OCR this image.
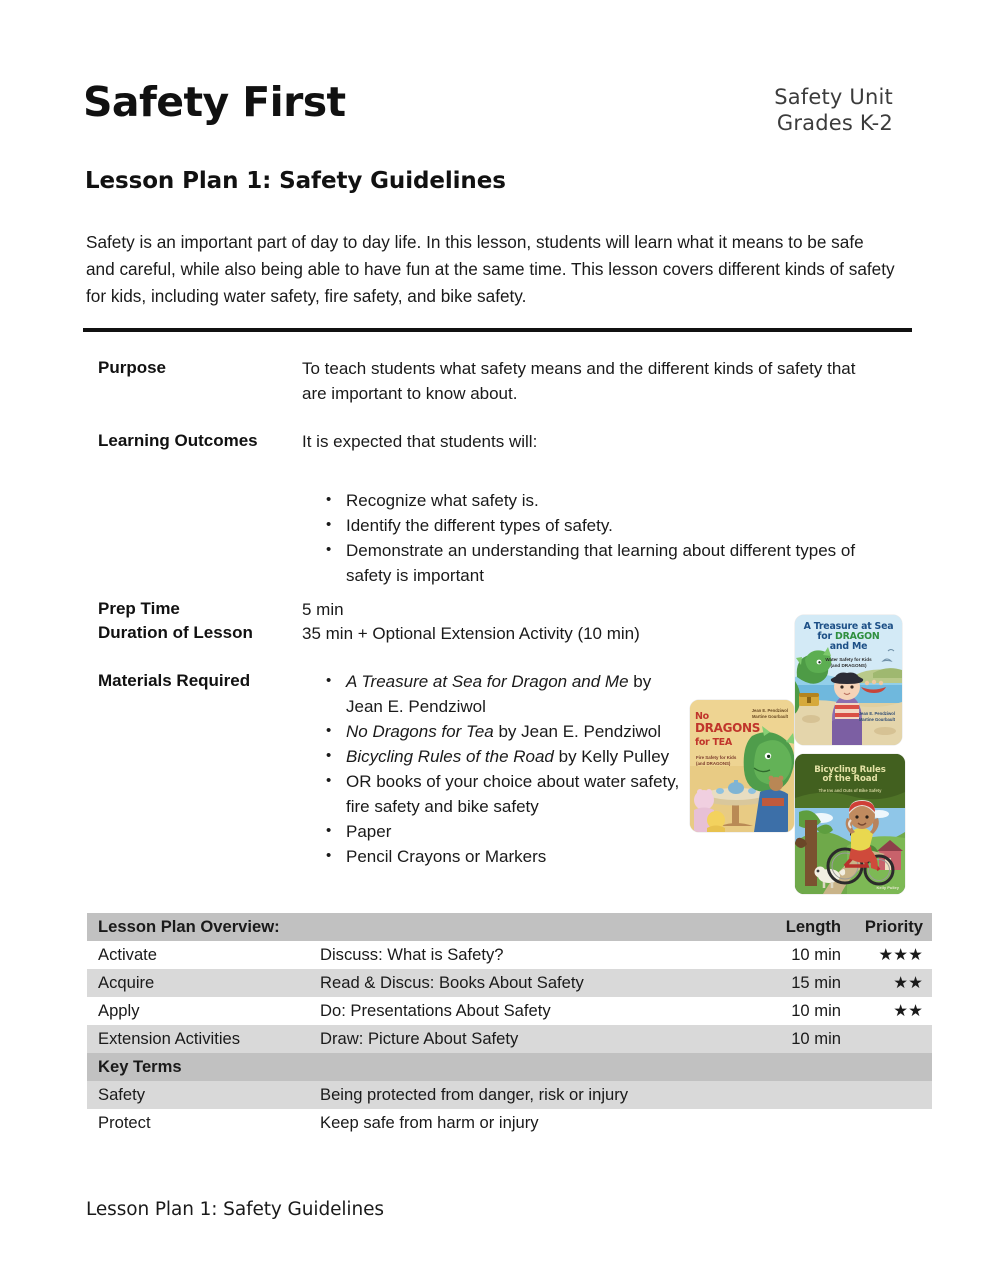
Safety First	Safety Unit
Grades K-2
Lesson Plan 1: Safety Guidelines
Safety is an important part of day to day life. In this lesson, students will learn what it means to be safe and careful, while also being able to have fun at the same time. This lesson covers different kinds of safety for kids, including water safety, fire safety, and bike safety.
Purpose	To teach students what safety means and the different kinds of safety that are important to know about.
Learning Outcomes	It is expected that students will:
• Recognize what safety is.
• Identify the different types of safety.
• Demonstrate an understanding that learning about different types of safety is important
Prep Time	5 min
Duration of Lesson	35 min + Optional Extension Activity (10 min)
Materials Required	• A Treasure at Sea for Dragon and Me by Jean E. Pendziwol
• No Dragons for Tea by Jean E. Pendziwol
• Bicycling Rules of the Road by Kelly Pulley
• OR books of your choice about water safety, fire safety and bike safety
• Paper
• Pencil Crayons or Markers
A Treasure at Sea
for DRAGON
and Me
Water Safety for Kids
(and DRAGONS)
Jean E. Pendziwol
Martine Gourbault
No
DRAGONS
for TEA
Fire Safety for Kids
(and DRAGONS)
Jean E. Pendziwol
Martine Gourbault
Bicycling Rules
of the Road
The Ins and Outs of Bike Safety
Kelly Pulley
Lesson Plan Overview:		Length	Priority
Activate	Discuss: What is Safety?	10 min	★★★
Acquire	Read & Discus: Books About Safety	15 min	★★
Apply	Do: Presentations About Safety	10 min	★★
Extension Activities	Draw: Picture About Safety	10 min	
Key Terms			
Safety	Being protected from danger, risk or injury		
Protect	Keep safe from harm or injury		
Lesson Plan 1: Safety Guidelines
